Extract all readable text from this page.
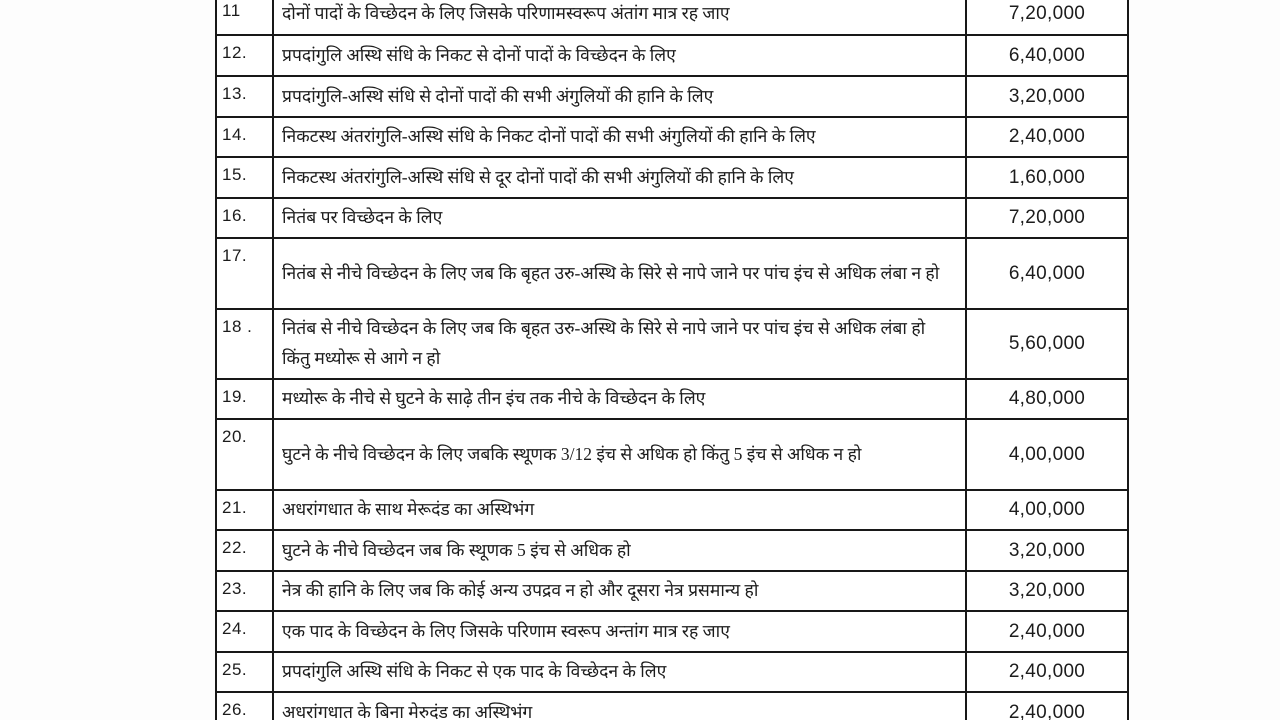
11	दोनों पादों के विच्छेदन के लिए जिसके परिणामस्वरूप अंतांग मात्र रह जाए	7,20,000
12.	प्रपदांगुलि अस्थि संधि के निकट से दोनों पादों के विच्छेदन के लिए	6,40,000
13.	प्रपदांगुलि-अस्थि संधि से दोनों पादों की सभी अंगुलियों की हानि के लिए	3,20,000
14.	निकटस्थ अंतरांगुलि-अस्थि संधि के निकट दोनों पादों की सभी अंगुलियों की हानि के लिए	2,40,000
15.	निकटस्थ अंतरांगुलि-अस्थि संधि से दूर दोनों पादों की सभी अंगुलियों की हानि के लिए	1,60,000
16.	नितंब पर विच्छेदन के लिए	7,20,000
17.	नितंब से नीचे विच्छेदन के लिए जब कि बृहत उरु-अस्थि के सिरे से नापे जाने पर पांच इंच से अधिक लंबा न हो	6,40,000
18 .	नितंब से नीचे विच्छेदन के लिए जब कि बृहत उरु-अस्थि के सिरे से नापे जाने पर पांच इंच से अधिक लंबा हो किंतु मध्योरू से आगे न हो	5,60,000
19.	मध्योरू के नीचे से घुटने के साढ़े तीन इंच तक नीचे के विच्छेदन के लिए	4,80,000
20.	घुटने के नीचे विच्छेदन के लिए जबकि स्थूणक 3/12 इंच से अधिक हो किंतु 5 इंच से अधिक न हो	4,00,000
21.	अधरांगधात के साथ मेरूदंड का अस्थिभंग	4,00,000
22.	घुटने के नीचे विच्छेदन जब कि स्थूणक 5 इंच से अधिक हो	3,20,000
23.	नेत्र की हानि के लिए जब कि कोई अन्य उपद्रव न हो और दूसरा नेत्र प्रसमान्य हो	3,20,000
24.	एक पाद के विच्छेदन के लिए जिसके परिणाम स्वरूप अन्तांग मात्र रह जाए	2,40,000
25.	प्रपदांगुलि अस्थि संधि के निकट से एक पाद के विच्छेदन के लिए	2,40,000
26.	अधरांगधात के बिना मेरुदंड का अस्थिभंग	2,40,000
